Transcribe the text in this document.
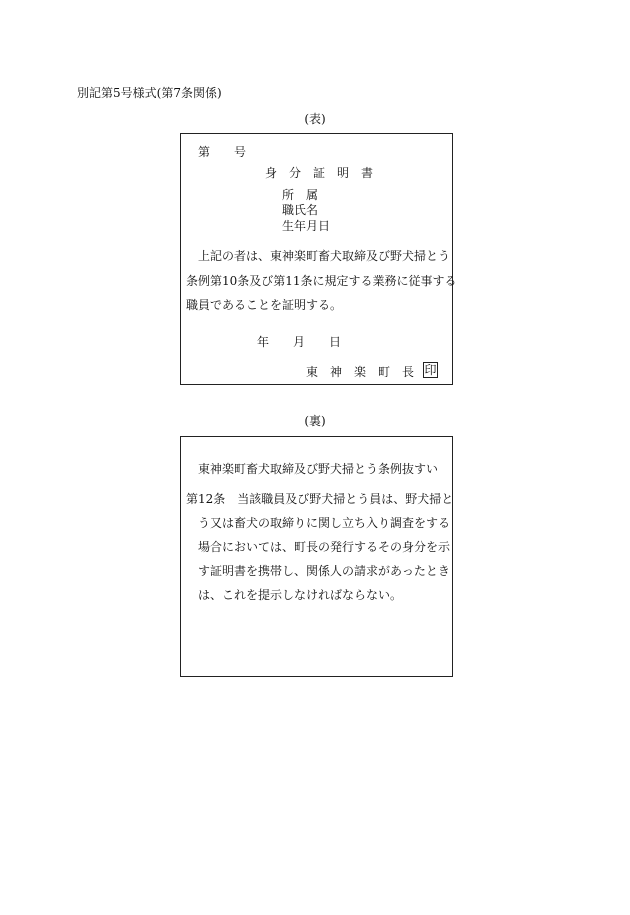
別記第5号様式(第7条関係)
(表)
第　　号
身　分　証　明　書
所　属
職氏名
生年月日
上記の者は、東神楽町畜犬取締及び野犬掃とう
条例第10条及び第11条に規定する業務に従事する
職員であることを証明する。
年　　月　　日
東　神　楽　町　長 印
(裏)
東神楽町畜犬取締及び野犬掃とう条例抜すい
第12条　当該職員及び野犬掃とう員は、野犬掃と
う又は畜犬の取締りに関し立ち入り調査をする
場合においては、町長の発行するその身分を示
す証明書を携帯し、関係人の請求があったとき
は、これを提示しなければならない。
